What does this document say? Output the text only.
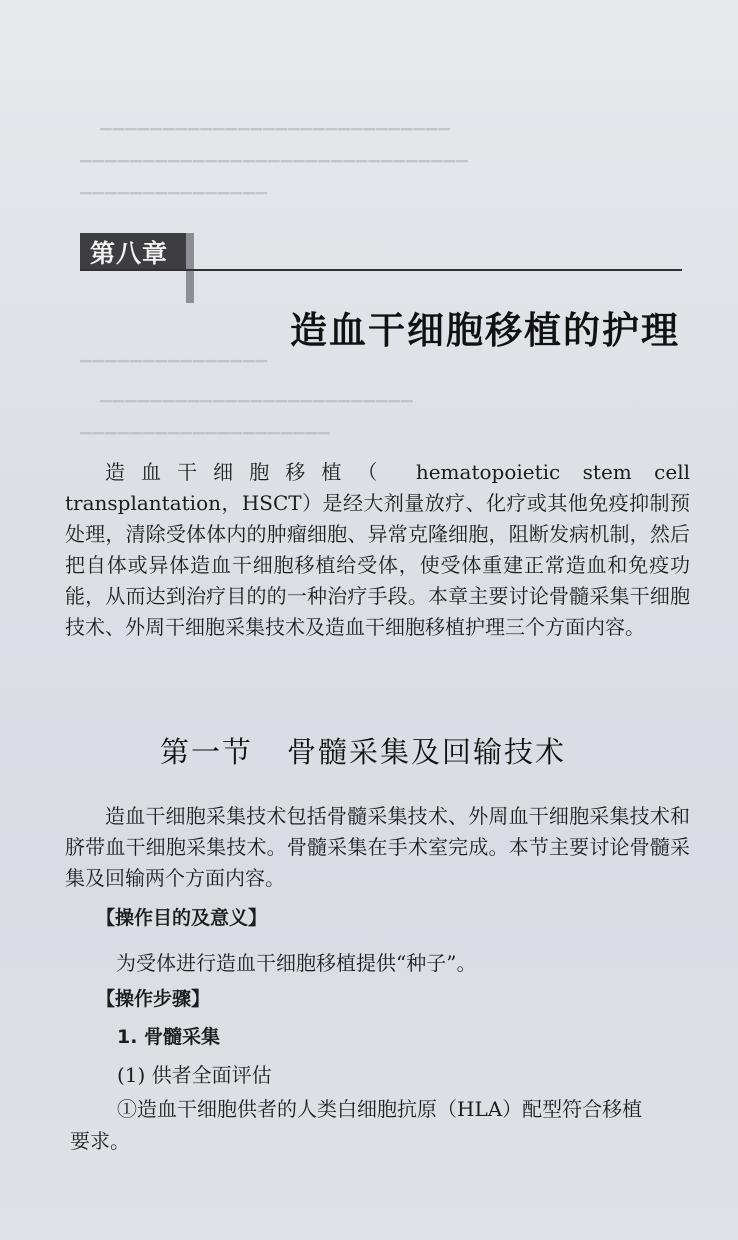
▔▔▔▔▔▔▔▔▔▔▔▔▔▔▔▔▔▔▔▔▔▔▔▔▔▔▔▔
▔▔▔▔▔▔▔▔▔▔▔▔▔▔▔▔▔▔▔▔▔▔▔▔▔▔▔▔▔▔▔
▔▔▔▔▔▔▔▔▔▔▔▔▔▔▔
▔▔▔▔▔▔▔▔▔▔▔▔▔▔▔
▔▔▔▔▔▔▔▔▔▔▔▔▔▔▔▔▔▔▔▔▔▔▔▔▔
▔▔▔▔▔▔▔▔▔▔▔▔▔▔▔▔▔▔▔▔
第八章
造血干细胞移植的护理

造血干细胞移植（ hematopoietic stem cell transplantation，HSCT）是经大剂量放疗、化疗或其他免疫抑制预处理，清除受体体内的肿瘤细胞、异常克隆细胞，阻断发病机制，然后把自体或异体造血干细胞移植给受体，使受体重建正常造血和免疫功能，从而达到治疗目的的一种治疗手段。本章主要讨论骨髓采集干细胞技术、外周干细胞采集技术及造血干细胞移植护理三个方面内容。

第一节 骨髓采集及回输技术

造血干细胞采集技术包括骨髓采集技术、外周血干细胞采集技术和脐带血干细胞采集技术。骨髓采集在手术室完成。本节主要讨论骨髓采集及回输两个方面内容。

【操作目的及意义】
为受体进行造血干细胞移植提供“种子”。
【操作步骤】
1. 骨髓采集
(1) 供者全面评估
①造血干细胞供者的人类白细胞抗原（HLA）配型符合移植
要求。
